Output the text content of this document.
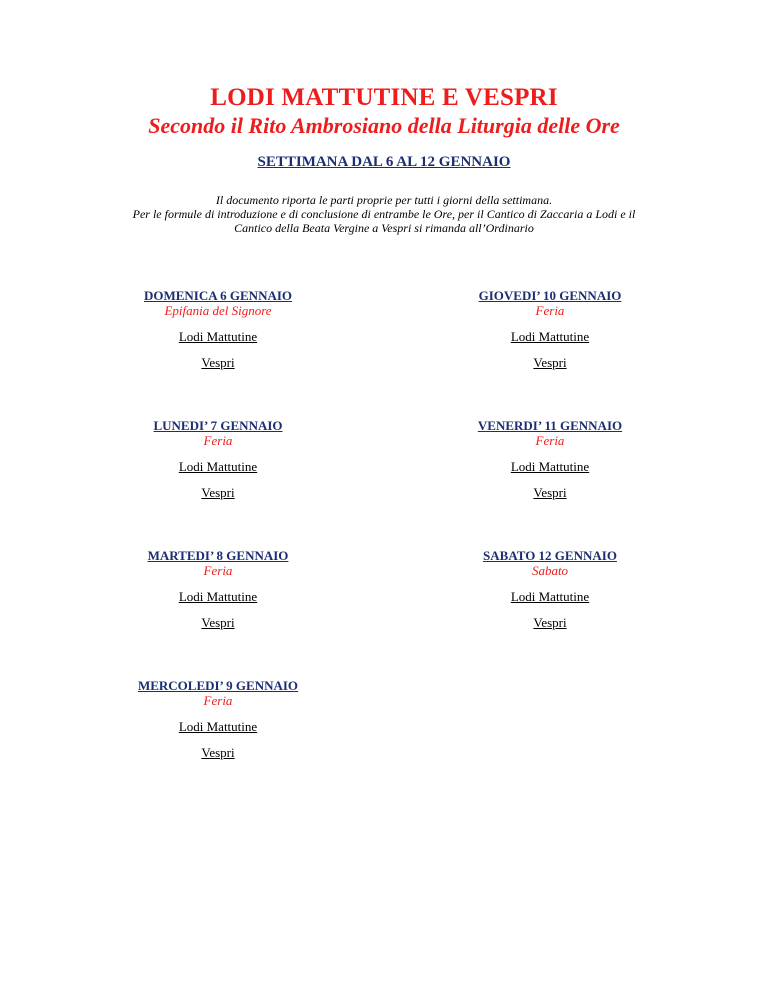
LODI MATTUTINE E VESPRI
Secondo il Rito Ambrosiano della Liturgia delle Ore
SETTIMANA DAL 6 AL 12 GENNAIO
Il documento riporta le parti proprie per tutti i giorni della settimana.
Per le formule di introduzione e di conclusione di entrambe le Ore, per il Cantico di Zaccaria a Lodi e il
Cantico della Beata Vergine a Vespri si rimanda all’Ordinario
DOMENICA 6 GENNAIO
Epifania del Signore
Lodi Mattutine
Vespri
LUNEDI’ 7 GENNAIO
Feria
Lodi Mattutine
Vespri
MARTEDI’ 8 GENNAIO
Feria
Lodi Mattutine
Vespri
MERCOLEDI’ 9 GENNAIO
Feria
Lodi Mattutine
Vespri
GIOVEDI’ 10 GENNAIO
Feria
Lodi Mattutine
Vespri
VENERDI’ 11 GENNAIO
Feria
Lodi Mattutine
Vespri
SABATO 12 GENNAIO
Sabato
Lodi Mattutine
Vespri
